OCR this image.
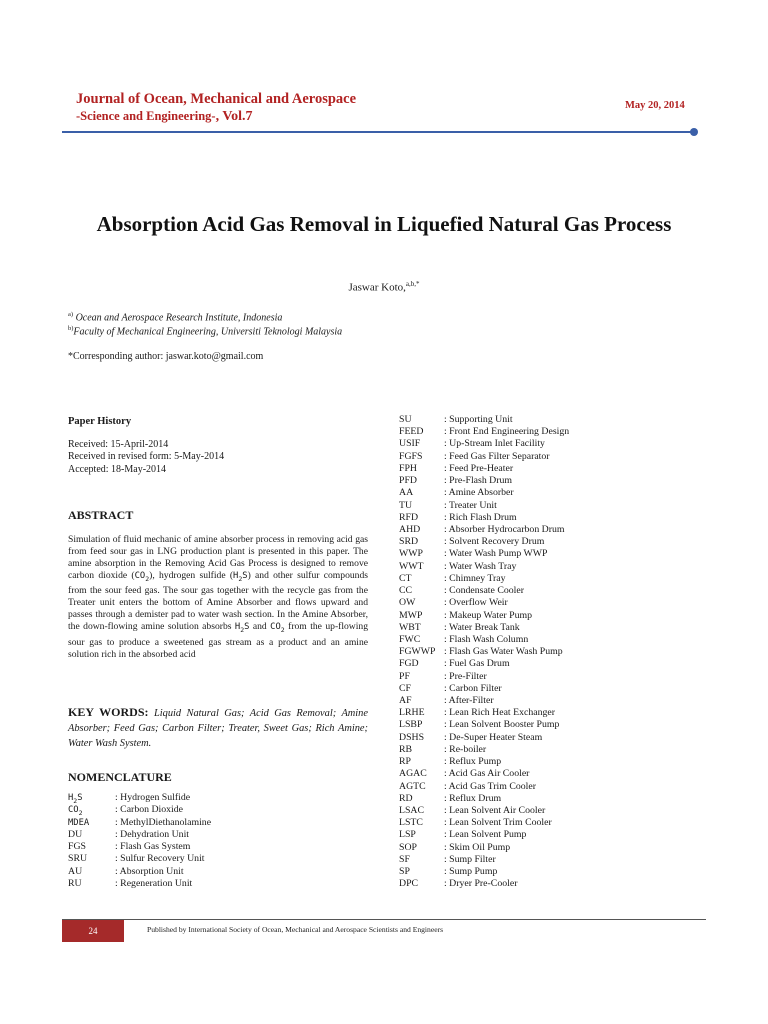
Journal of Ocean, Mechanical and Aerospace
-Science and Engineering-, Vol.7
May 20, 2014
Absorption Acid Gas Removal in Liquefied Natural Gas Process
Jaswar Koto,$^{a,b,*}$
$^{a)}$ Ocean and Aerospace Research Institute, Indonesia
$^{b)}$Faculty of Mechanical Engineering, Universiti Teknologi Malaysia
*Corresponding author: jaswar.koto@gmail.com
Paper History
Received: 15-April-2014
Received in revised form: 5-May-2014
Accepted: 18-May-2014
ABSTRACT
Simulation of fluid mechanic of amine absorber process in removing acid gas from feed sour gas in LNG production plant is presented in this paper. The amine absorption in the Removing Acid Gas Process is designed to remove carbon dioxide $(CO_2)$, hydrogen sulfide $(H_2S)$ and other sulfur compounds from the sour feed gas. The sour gas together with the recycle gas from the Treater unit enters the bottom of Amine Absorber and flows upward and passes through a demister pad to water wash section. In the Amine Absorber, the down-flowing amine solution absorbs $H_2S$ and $CO_2$ from the up-flowing sour gas to produce a sweetened gas stream as a product and an amine solution rich in the absorbed acid
KEY WORDS: Liquid Natural Gas; Acid Gas Removal; Amine Absorber; Feed Gas; Carbon Filter; Treater, Sweet Gas; Rich Amine; Water Wash System.
NOMENCLATURE
$H_2S$	: Hydrogen Sulfide
$CO_2$	: Carbon Dioxide
MDEA	: MethylDiethanolamine
DU	: Dehydration Unit
FGS	: Flash Gas System
SRU	: Sulfur Recovery Unit
AU	: Absorption Unit
RU	: Regeneration Unit
SU	: Supporting Unit
FEED	: Front End Engineering Design
USIF	: Up-Stream Inlet Facility
FGFS	: Feed Gas Filter Separator
FPH	: Feed Pre-Heater
PFD	: Pre-Flash Drum
AA	: Amine Absorber
TU	: Treater Unit
RFD	: Rich Flash Drum
AHD	: Absorber Hydrocarbon Drum
SRD	: Solvent Recovery Drum
WWP	: Water Wash Pump WWP
WWT	: Water Wash Tray
CT	: Chimney Tray
CC	: Condensate Cooler
OW	: Overflow Weir
MWP	: Makeup Water Pump
WBT	: Water Break Tank
FWC	: Flash Wash Column
FGWWP : Flash Gas Water Wash Pump
FGD	: Fuel Gas Drum
PF	: Pre-Filter
CF	: Carbon Filter
AF	: After-Filter
LRHE	: Lean Rich Heat Exchanger
LSBP	: Lean Solvent Booster Pump
DSHS	: De-Super Heater Steam
RB	: Re-boiler
RP	: Reflux Pump
AGAC	: Acid Gas Air Cooler
AGTC	: Acid Gas Trim Cooler
RD	: Reflux Drum
LSAC	: Lean Solvent Air Cooler
LSTC	: Lean Solvent Trim Cooler
LSP	: Lean Solvent Pump
SOP	: Skim Oil Pump
SF	: Sump Filter
SP	: Sump Pump
DPC	: Dryer Pre-Cooler
24	Published by International Society of Ocean, Mechanical and Aerospace Scientists and Engineers
